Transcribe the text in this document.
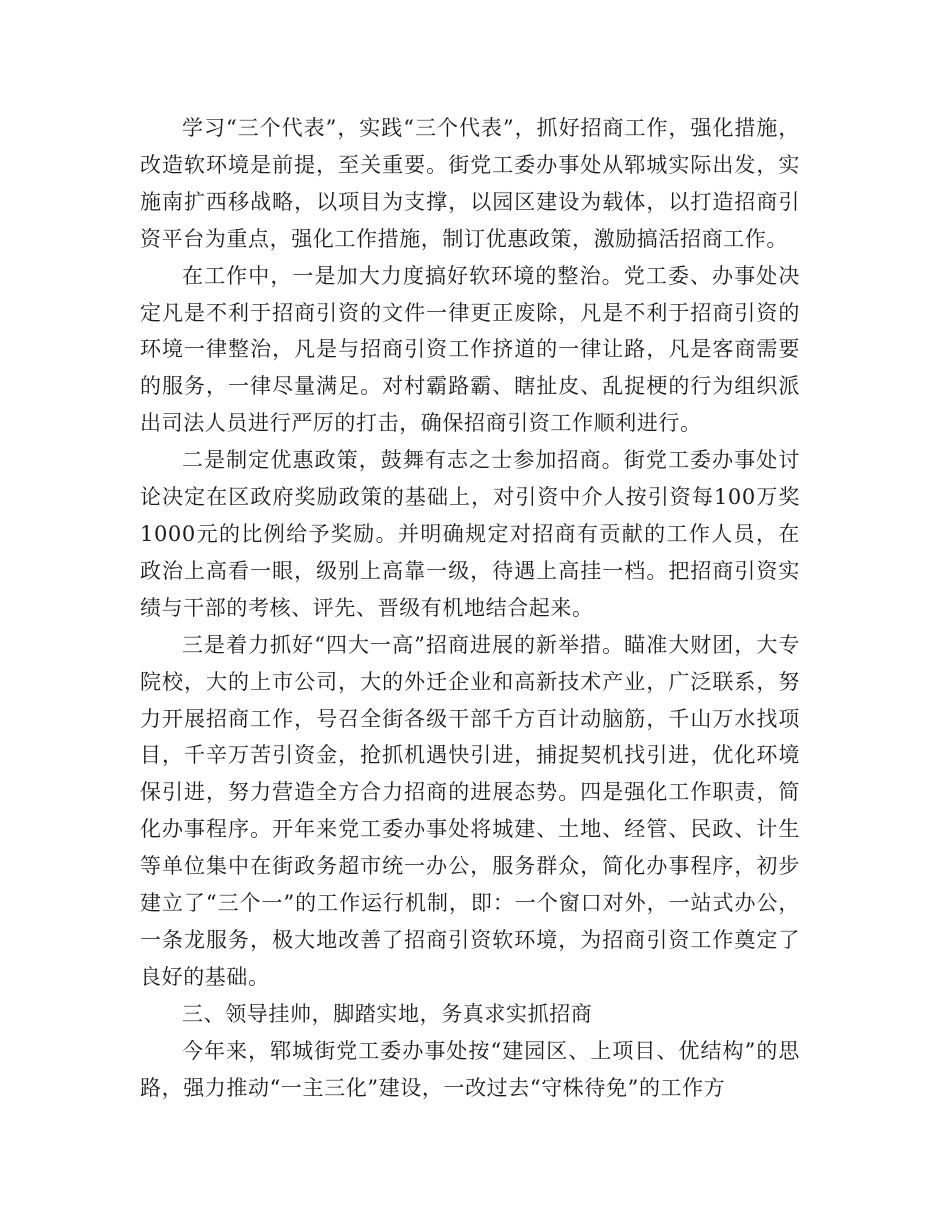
学习“三个代表”，实践“三个代表”，抓好招商工作，强化措施，改造软环境是前提，至关重要。街党工委办事处从郓城实际出发，实施南扩西移战略，以项目为支撑，以园区建设为载体，以打造招商引资平台为重点，强化工作措施，制订优惠政策，激励搞活招商工作。

在工作中，一是加大力度搞好软环境的整治。党工委、办事处决定凡是不利于招商引资的文件一律更正废除，凡是不利于招商引资的环境一律整治，凡是与招商引资工作挤道的一律让路，凡是客商需要的服务，一律尽量满足。对村霸路霸、瞎扯皮、乱捉梗的行为组织派出司法人员进行严厉的打击，确保招商引资工作顺利进行。

二是制定优惠政策，鼓舞有志之士参加招商。街党工委办事处讨论决定在区政府奖励政策的基础上，对引资中介人按引资每100万奖1000元的比例给予奖励。并明确规定对招商有贡献的工作人员，在政治上高看一眼，级别上高靠一级，待遇上高挂一档。把招商引资实绩与干部的考核、评先、晋级有机地结合起来。

三是着力抓好“四大一高”招商进展的新举措。瞄准大财团，大专院校，大的上市公司，大的外迁企业和高新技术产业，广泛联系，努力开展招商工作，号召全街各级干部千方百计动脑筋，千山万水找项目，千辛万苦引资金，抢抓机遇快引进，捕捉契机找引进，优化环境保引进，努力营造全方合力招商的进展态势。四是强化工作职责，简化办事程序。开年来党工委办事处将城建、土地、经管、民政、计生等单位集中在街政务超市统一办公，服务群众，简化办事程序，初步建立了“三个一”的工作运行机制，即：一个窗口对外，一站式办公，一条龙服务，极大地改善了招商引资软环境，为招商引资工作奠定了良好的基础。

三、领导挂帅，脚踏实地，务真求实抓招商

今年来，郓城街党工委办事处按“建园区、上项目、优结构”的思路，强力推动“一主三化”建设，一改过去“守株待免”的工作方
